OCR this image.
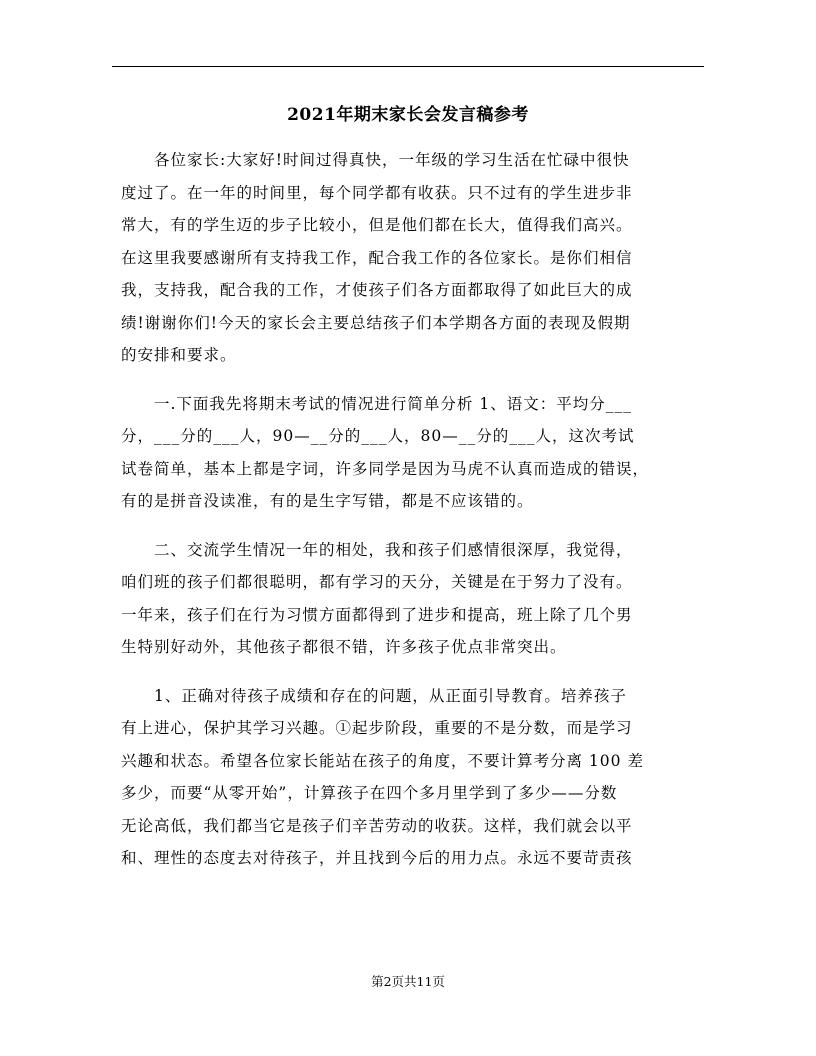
2021年期末家长会发言稿参考
　　各位家长:大家好!时间过得真快，一年级的学习生活在忙碌中很快
度过了。在一年的时间里，每个同学都有收获。只不过有的学生进步非
常大，有的学生迈的步子比较小，但是他们都在长大，值得我们高兴。
在这里我要感谢所有支持我工作，配合我工作的各位家长。是你们相信
我，支持我，配合我的工作，才使孩子们各方面都取得了如此巨大的成
绩!谢谢你们!今天的家长会主要总结孩子们本学期各方面的表现及假期
的安排和要求。
　　一.下面我先将期末考试的情况进行简单分析 1、语文：平均分___
分，___分的___人，90—__分的___人，80—__分的___人，这次考试
试卷简单，基本上都是字词，许多同学是因为马虎不认真而造成的错误，
有的是拼音没读准，有的是生字写错，都是不应该错的。
　　二、交流学生情况一年的相处，我和孩子们感情很深厚，我觉得，
咱们班的孩子们都很聪明，都有学习的天分，关键是在于努力了没有。
一年来，孩子们在行为习惯方面都得到了进步和提高，班上除了几个男
生特别好动外，其他孩子都很不错，许多孩子优点非常突出。
　　1、正确对待孩子成绩和存在的问题，从正面引导教育。培养孩子
有上进心，保护其学习兴趣。①起步阶段，重要的不是分数，而是学习
兴趣和状态。希望各位家长能站在孩子的角度，不要计算考分离 100 差
多少，而要“从零开始”，计算孩子在四个多月里学到了多少——分数
无论高低，我们都当它是孩子们辛苦劳动的收获。这样，我们就会以平
和、理性的态度去对待孩子，并且找到今后的用力点。永远不要苛责孩
第2页共11页
